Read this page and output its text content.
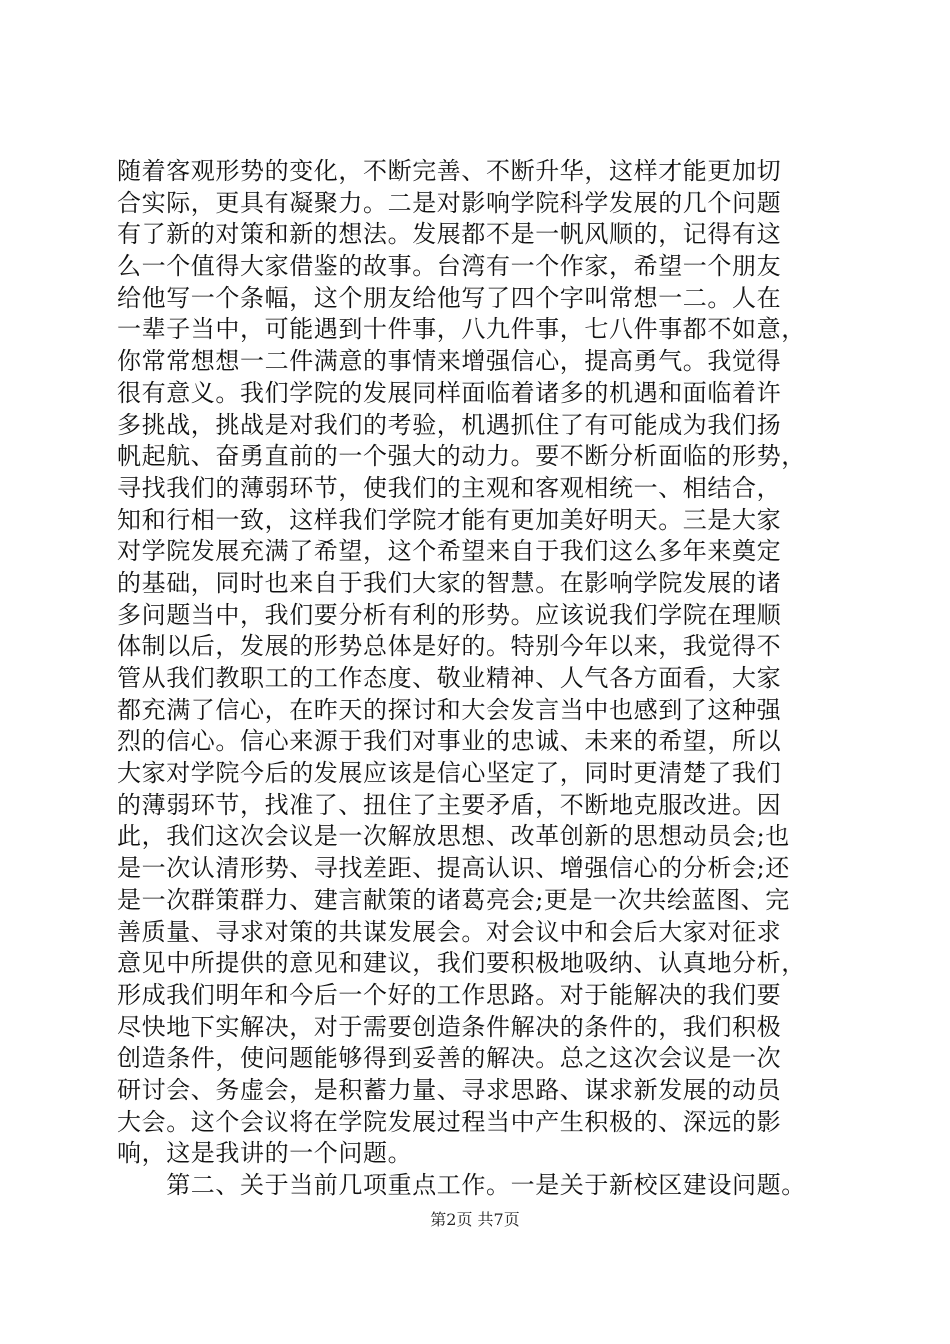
随着客观形势的变化，不断完善、不断升华，这样才能更加切
合实际，更具有凝聚力。二是对影响学院科学发展的几个问题
有了新的对策和新的想法。发展都不是一帆风顺的，记得有这
么一个值得大家借鉴的故事。台湾有一个作家，希望一个朋友
给他写一个条幅，这个朋友给他写了四个字叫常想一二。人在
一辈子当中，可能遇到十件事，八九件事，七八件事都不如意，
你常常想想一二件满意的事情来增强信心，提高勇气。我觉得
很有意义。我们学院的发展同样面临着诸多的机遇和面临着许
多挑战，挑战是对我们的考验，机遇抓住了有可能成为我们扬
帆起航、奋勇直前的一个强大的动力。要不断分析面临的形势，
寻找我们的薄弱环节，使我们的主观和客观相统一、相结合，
知和行相一致，这样我们学院才能有更加美好明天。三是大家
对学院发展充满了希望，这个希望来自于我们这么多年来奠定
的基础，同时也来自于我们大家的智慧。在影响学院发展的诸
多问题当中，我们要分析有利的形势。应该说我们学院在理顺
体制以后，发展的形势总体是好的。特别今年以来，我觉得不
管从我们教职工的工作态度、敬业精神、人气各方面看，大家
都充满了信心，在昨天的探讨和大会发言当中也感到了这种强
烈的信心。信心来源于我们对事业的忠诚、未来的希望，所以
大家对学院今后的发展应该是信心坚定了，同时更清楚了我们
的薄弱环节，找准了、扭住了主要矛盾，不断地克服改进。因
此，我们这次会议是一次解放思想、改革创新的思想动员会;也
是一次认清形势、寻找差距、提高认识、增强信心的分析会;还
是一次群策群力、建言献策的诸葛亮会;更是一次共绘蓝图、完
善质量、寻求对策的共谋发展会。对会议中和会后大家对征求
意见中所提供的意见和建议，我们要积极地吸纳、认真地分析，
形成我们明年和今后一个好的工作思路。对于能解决的我们要
尽快地下实解决，对于需要创造条件解决的条件的，我们积极
创造条件，使问题能够得到妥善的解决。总之这次会议是一次
研讨会、务虚会，是积蓄力量、寻求思路、谋求新发展的动员
大会。这个会议将在学院发展过程当中产生积极的、深远的影
响，这是我讲的一个问题。
　　第二、关于当前几项重点工作。一是关于新校区建设问题。
第2页 共7页
